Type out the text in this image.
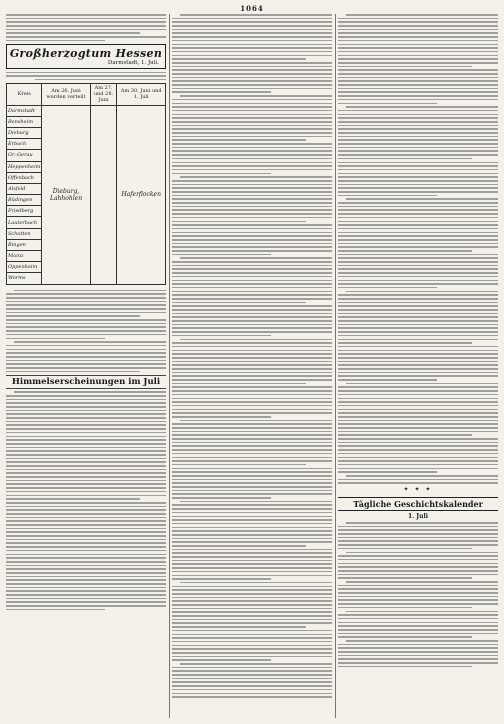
1064
Großherzogtum Hessen
Darmstadt, 1. Juli.
Kreis	Am 26. Juni wurden verteilt	Am 27. und 28. Juni	Am 30. Juni und 1. Juli
Darmstadt	Dieburg, Lahhohlen		Haferflocken
Bensheim			
Dieburg			
Erbach			
Gr.-Gerau			
Heppenheim			
Offenbach			
Alsfeld			
Büdingen			
Friedberg			
Lauterbach			
Schotten			
Bingen			
Mainz			
Oppenheim			
Worms			
Himmelserscheinungen im Juli
✦ ✦ ✦
Tägliche Geschichtskalender
1. Juli
